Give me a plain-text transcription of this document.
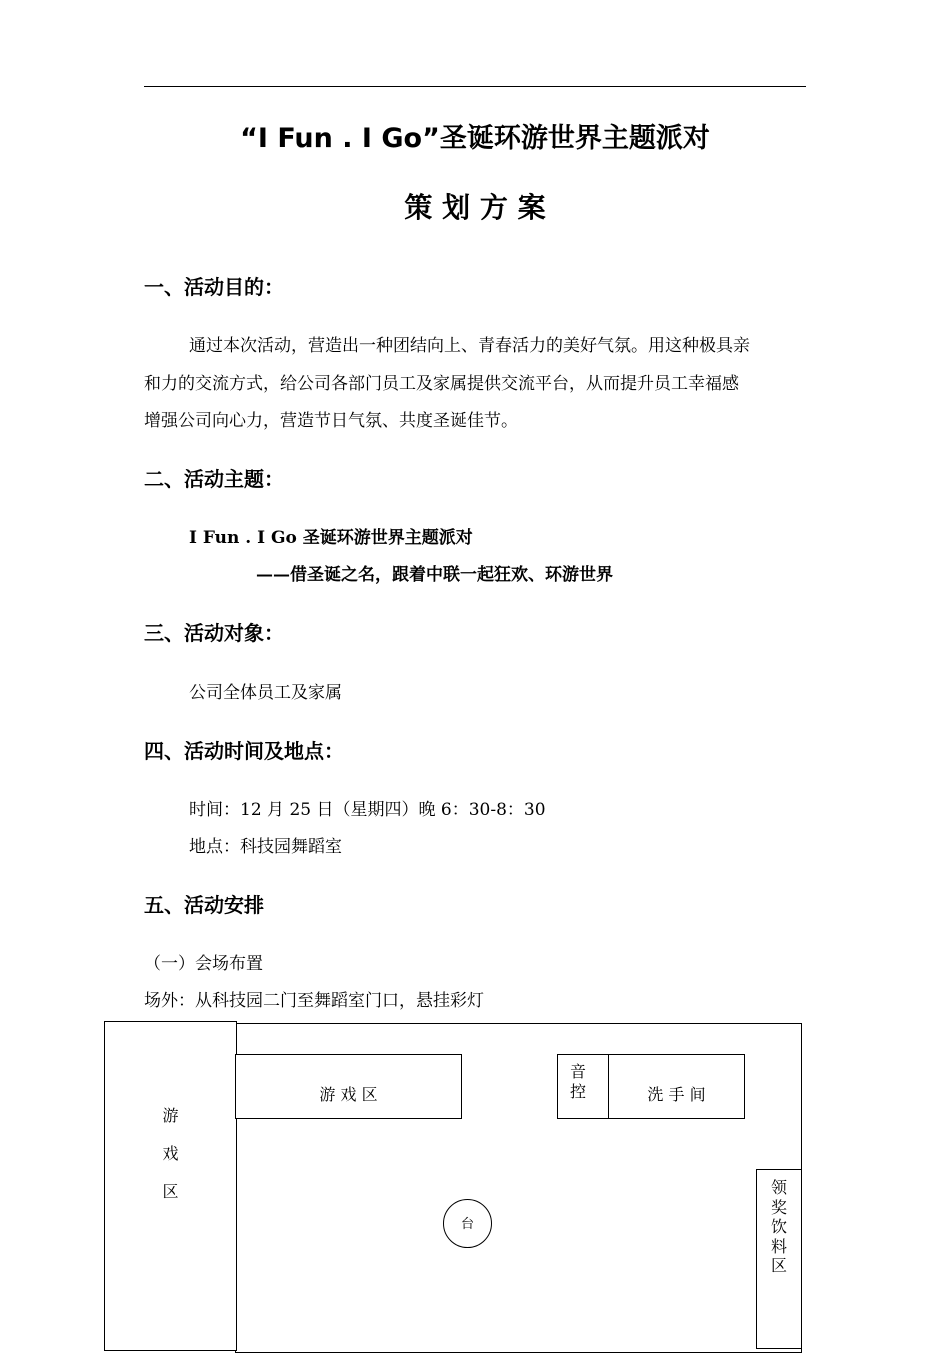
“I Fun . I Go”圣诞环游世界主题派对
策 划 方 案
一、活动目的：
通过本次活动，营造出一种团结向上、青春活力的美好气氛。用这种极具亲
和力的交流方式，给公司各部门员工及家属提供交流平台，从而提升员工幸福感
增强公司向心力，营造节日气氛、共度圣诞佳节。
二、活动主题：
I Fun . I Go 圣诞环游世界主题派对
——借圣诞之名，跟着中联一起狂欢、环游世界
三、活动对象：
公司全体员工及家属
四、活动时间及地点：
时间：12 月 25 日（星期四）晚 6：30-8：30
地点：科技园舞蹈室
五、活动安排
（一）会场布置
场外：从科技园二门至舞蹈室门口，悬挂彩灯
游

戏

区
游 戏 区
音
控	洗 手 间
台
领
奖
饮
料
区
